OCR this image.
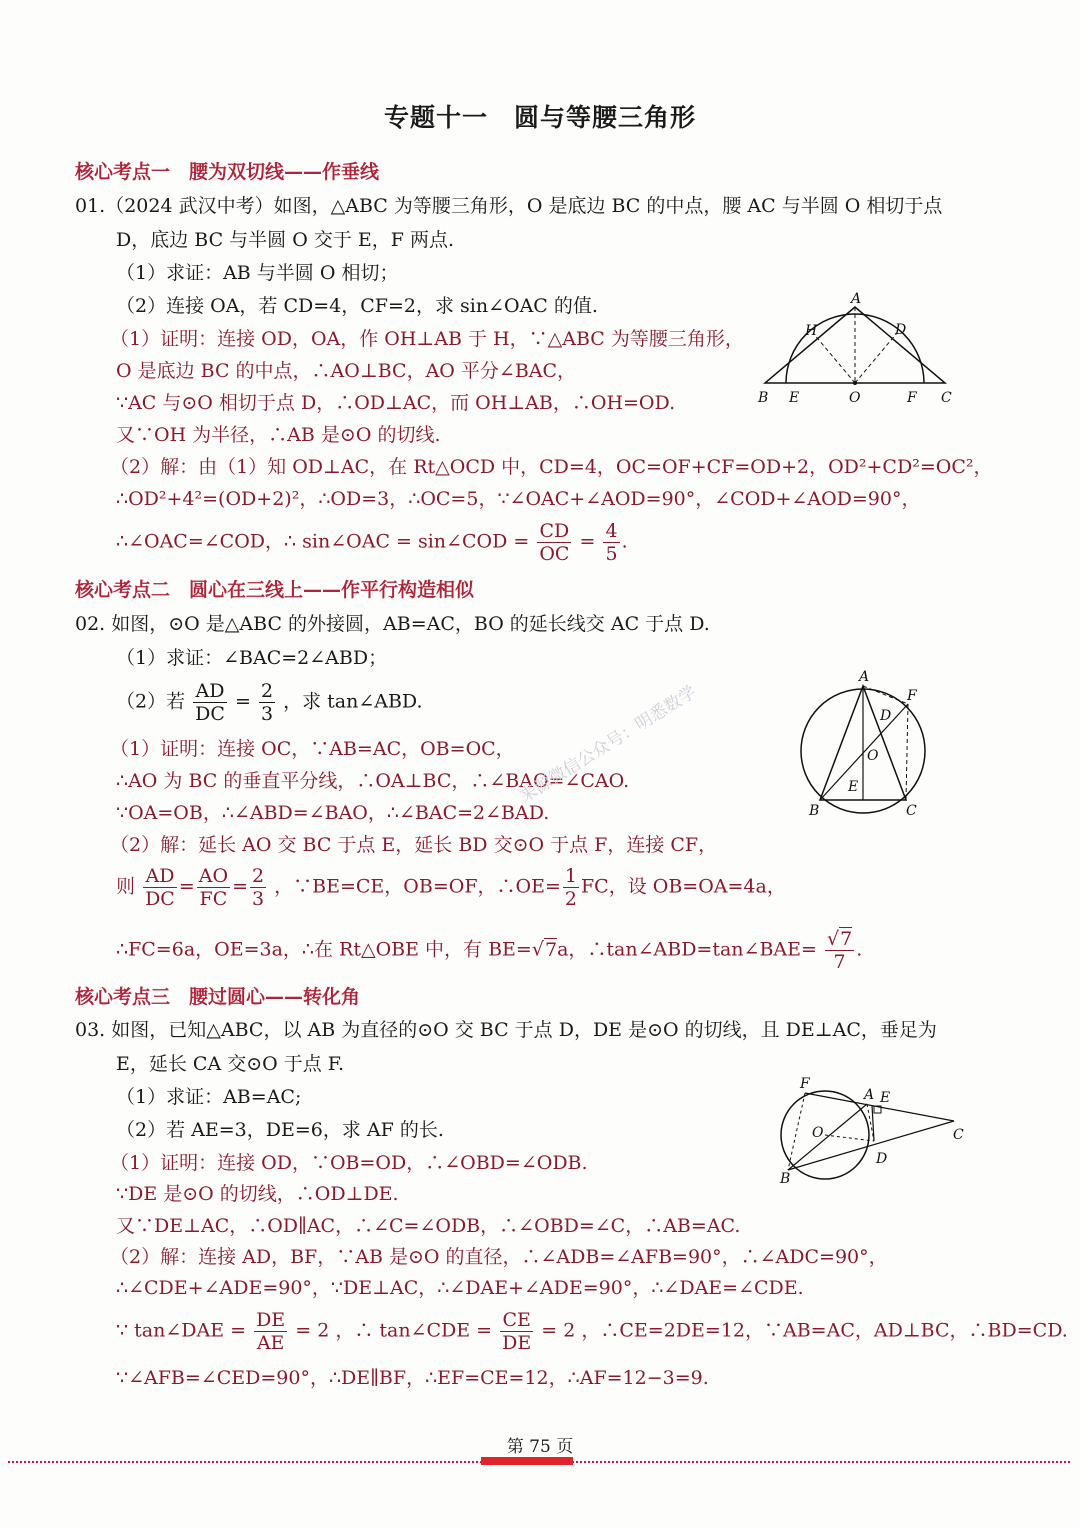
专题十一　圆与等腰三角形
核心考点一　腰为双切线——作垂线
01.（2024 武汉中考）如图，△ABC 为等腰三角形，O 是底边 BC 的中点，腰 AC 与半圆 O 相切于点
D，底边 BC 与半圆 O 交于 E，F 两点.
（1）求证：AB 与半圆 O 相切；
（2）连接 OA，若 CD=4，CF=2，求 sin∠OAC 的值.
（1）证明：连接 OD，OA，作 OH⊥AB 于 H，∵△ABC 为等腰三角形，
O 是底边 BC 的中点，∴AO⊥BC，AO 平分∠BAC，
∵AC 与⊙O 相切于点 D，∴OD⊥AC，而 OH⊥AB，∴OH=OD.
又∵OH 为半径，∴AB 是⊙O 的切线.
（2）解：由（1）知 OD⊥AC，在 Rt△OCD 中，CD=4，OC=OF+CF=OD+2，OD²+CD²=OC²，
∴OD²+4²=(OD+2)²，∴OD=3，∴OC=5，∵∠OAC+∠AOD=90°，∠COD+∠AOD=90°，
∴∠OAC=∠COD，∴ sin∠OAC = sin∠COD = $\frac{CD}{OC} = \frac{4}{5}$ .
A
H	D
B E	O	F C
核心考点二　圆心在三线上——作平行构造相似
02. 如图，⊙O 是△ABC 的外接圆，AB=AC，BO 的延长线交 AC 于点 D.
（1）求证：∠BAC=2∠ABD；
（2）若 $\frac{AD}{DC} = \frac{2}{3}$ ，求 tan∠ABD.
（1）证明：连接 OC，∵AB=AC，OB=OC，
∴AO 为 BC 的垂直平分线，∴OA⊥BC，∴∠BAO=∠CAO.
∵OA=OB，∴∠ABD=∠BAO，∴∠BAC=2∠BAD.
（2）解：延长 AO 交 BC 于点 E，延长 BD 交⊙O 于点 F，连接 CF，
则 $\frac{AD}{DC} = \frac{AO}{FC} = \frac{2}{3}$ ，∵BE=CE，OB=OF，∴OE= $\frac{1}{2}$ FC，设 OB=OA=4a，
∴FC=6a，OE=3a，∴在 Rt△OBE 中，有 BE=√7a，∴tan∠ABD=tan∠BAE= $\frac{√7}{7}$ .
来源微信公众号：明悉数学
A
F
D
O
E
B	C
核心考点三　腰过圆心——转化角
03. 如图，已知△ABC，以 AB 为直径的⊙O 交 BC 于点 D，DE 是⊙O 的切线，且 DE⊥AC，垂足为
E，延长 CA 交⊙O 于点 F.
（1）求证：AB=AC;
（2）若 AE=3，DE=6，求 AF 的长.
（1）证明：连接 OD，∵OB=OD，∴∠OBD=∠ODB.
∵DE 是⊙O 的切线，∴OD⊥DE.
又∵DE⊥AC，∴OD∥AC，∴∠C=∠ODB，∴∠OBD=∠C，∴AB=AC.
（2）解：连接 AD，BF，∵AB 是⊙O 的直径，∴∠ADB=∠AFB=90°，∴∠ADC=90°，
∴∠CDE+∠ADE=90°，∵DE⊥AC，∴∠DAE+∠ADE=90°，∴∠DAE=∠CDE.
∵ tan∠DAE = $\frac{DE}{AE} = 2$ ，∴ tan∠CDE = $\frac{CE}{DE} = 2$ ，∴CE=2DE=12，∵AB=AC，AD⊥BC，∴BD=CD.
∵∠AFB=∠CED=90°，∴DE∥BF，∴EF=CE=12，∴AF=12−3=9.
F
A E
O	C
D
B
第 75 页
